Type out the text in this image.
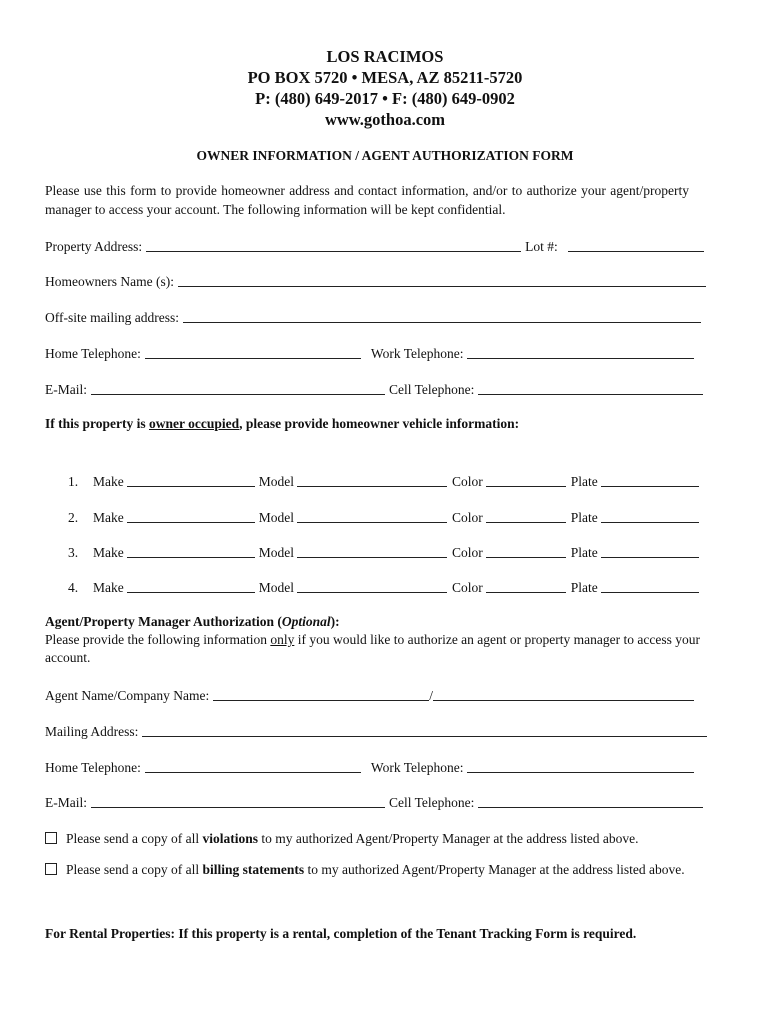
LOS RACIMOS
PO BOX 5720 • MESA, AZ 85211-5720
P: (480) 649-2017 • F: (480) 649-0902
www.gothoa.com
OWNER INFORMATION / AGENT AUTHORIZATION FORM
Please use this form to provide homeowner address and contact information, and/or to authorize your agent/property manager to access your account. The following information will be kept confidential.
Property Address:	Lot #:
Homeowners Name (s):
Off-site mailing address:
Home Telephone:	Work Telephone:
E-Mail:	Cell Telephone:
If this property is owner occupied, please provide homeowner vehicle information:
1.	Make	Model	Color	Plate
2.	Make	Model	Color	Plate
3.	Make	Model	Color	Plate
4.	Make	Model	Color	Plate
Agent/Property Manager Authorization (Optional):
Please provide the following information only if you would like to authorize an agent or property manager to access your account.
Agent Name/Company Name:	/
Mailing Address:
Home Telephone:	Work Telephone:
E-Mail:	Cell Telephone:
Please send a copy of all violations to my authorized Agent/Property Manager at the address listed above.
Please send a copy of all billing statements to my authorized Agent/Property Manager at the address listed above.
For Rental Properties: If this property is a rental, completion of the Tenant Tracking Form is required.
